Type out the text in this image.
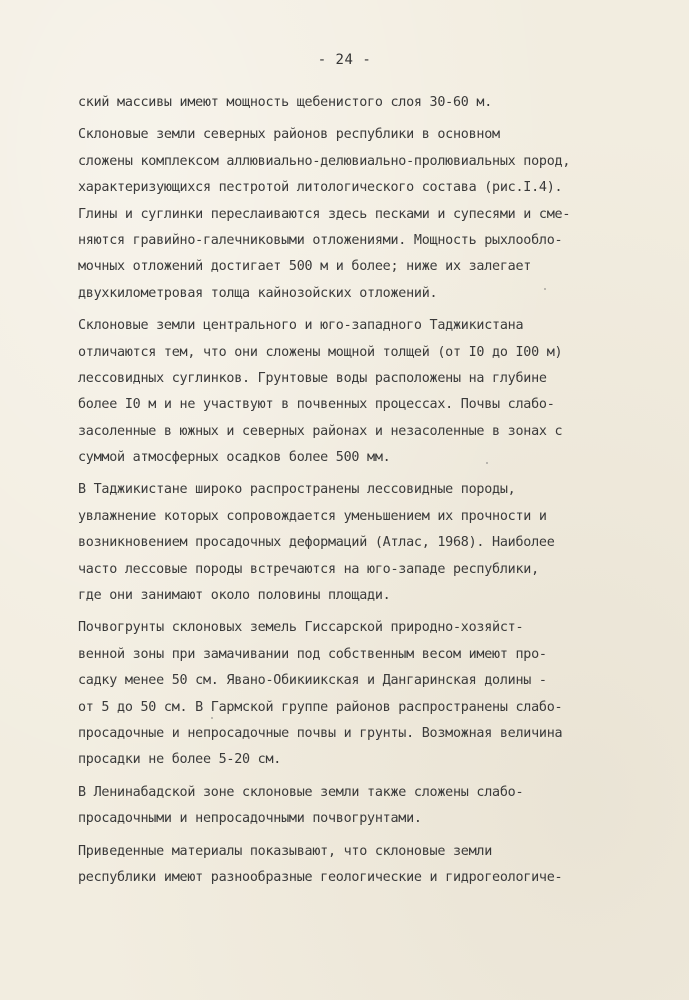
- 24 -
ский массивы имеют мощность щебенистого слоя 30-60 м.
Склоновые земли северных районов республики в основном
сложены комплексом аллювиально-делювиально-пролювиальных пород,
характеризующихся пестротой литологического состава (рис.I.4).
Глины и суглинки переслаиваются здесь песками и супесями и сме-
няются гравийно-галечниковыми отложениями. Мощность рыхлообло-
мочных отложений достигает 500 м и более; ниже их залегает
двухкилометровая толща кайнозойских отложений.
Склоновые земли центрального и юго-западного Таджикистана
отличаются тем, что они сложены мощной толщей (от I0 до I00 м)
лессовидных суглинков. Грунтовые воды расположены на глубине
более I0 м и не участвуют в почвенных процессах. Почвы слабо-
засоленные в южных и северных районах и незасоленные в зонах с
суммой атмосферных осадков более 500 мм.
В Таджикистане широко распространены лессовидные породы,
увлажнение которых сопровождается уменьшением их прочности и
возникновением просадочных деформаций (Атлас, 1968). Наиболее
часто лессовые породы встречаются на юго-западе республики,
где они занимают около половины площади.
Почвогрунты склоновых земель Гиссарской природно-хозяйст-
венной зоны при замачивании под собственным весом имеют про-
садку менее 50 см. Явано-Обикиикская и Дангаринская долины -
от 5 до 50 см. В Гармской группе районов распространены слабо-
просадочные и непросадочные почвы и грунты. Возможная величина
просадки не более 5-20 см.
В Ленинабадской зоне склоновые земли также сложены слабо-
просадочными и непросадочными почвогрунтами.
Приведенные материалы показывают, что склоновые земли
республики имеют разнообразные геологические и гидрогеологиче-
